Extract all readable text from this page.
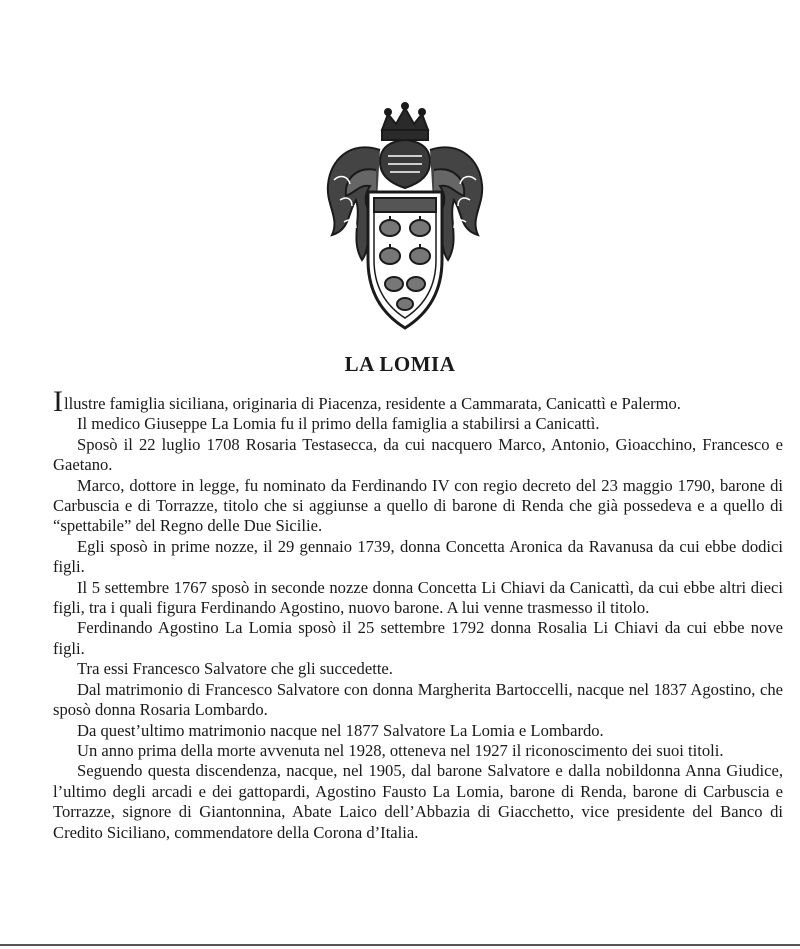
LA LOMIA

Illustre famiglia siciliana, originaria di Piacenza, residente a Cammarata, Canicattì e Palermo.

Il medico Giuseppe La Lomia fu il primo della famiglia a stabilirsi a Canicattì.

Sposò il 22 luglio 1708 Rosaria Testasecca, da cui nacquero Marco, Antonio, Gioacchino, Francesco e Gaetano.

Marco, dottore in legge, fu nominato da Ferdinando IV con regio decreto del 23 maggio 1790, barone di Carbuscia e di Torrazze, titolo che si aggiunse a quello di barone di Renda che già possedeva e a quello di “spettabile” del Regno delle Due Sicilie.

Egli sposò in prime nozze, il 29 gennaio 1739, donna Concetta Aronica da Ravanusa da cui ebbe dodici figli.

Il 5 settembre 1767 sposò in seconde nozze donna Concetta Li Chiavi da Canicattì, da cui ebbe altri dieci figli, tra i quali figura Ferdinando Agostino, nuovo barone. A lui venne trasmesso il titolo.

Ferdinando Agostino La Lomia sposò il 25 settembre 1792 donna Rosalia Li Chiavi da cui ebbe nove figli.

Tra essi Francesco Salvatore che gli succedette.

Dal matrimonio di Francesco Salvatore con donna Margherita Bartoccelli, nacque nel 1837 Agostino, che sposò donna Rosaria Lombardo.

Da quest’ultimo matrimonio nacque nel 1877 Salvatore La Lomia e Lombardo.

Un anno prima della morte avvenuta nel 1928, otteneva nel 1927 il riconoscimento dei suoi titoli.

Seguendo questa discendenza, nacque, nel 1905, dal barone Salvatore e dalla nobildonna Anna Giudice, l’ultimo degli arcadi e dei gattopardi, Agostino Fausto La Lomia, barone di Renda, barone di Carbuscia e Torrazze, signore di Giantonnina, Abate Laico dell’Abbazia di Giacchetto, vice presidente del Banco di Credito Siciliano, commendatore della Corona d’Italia.
